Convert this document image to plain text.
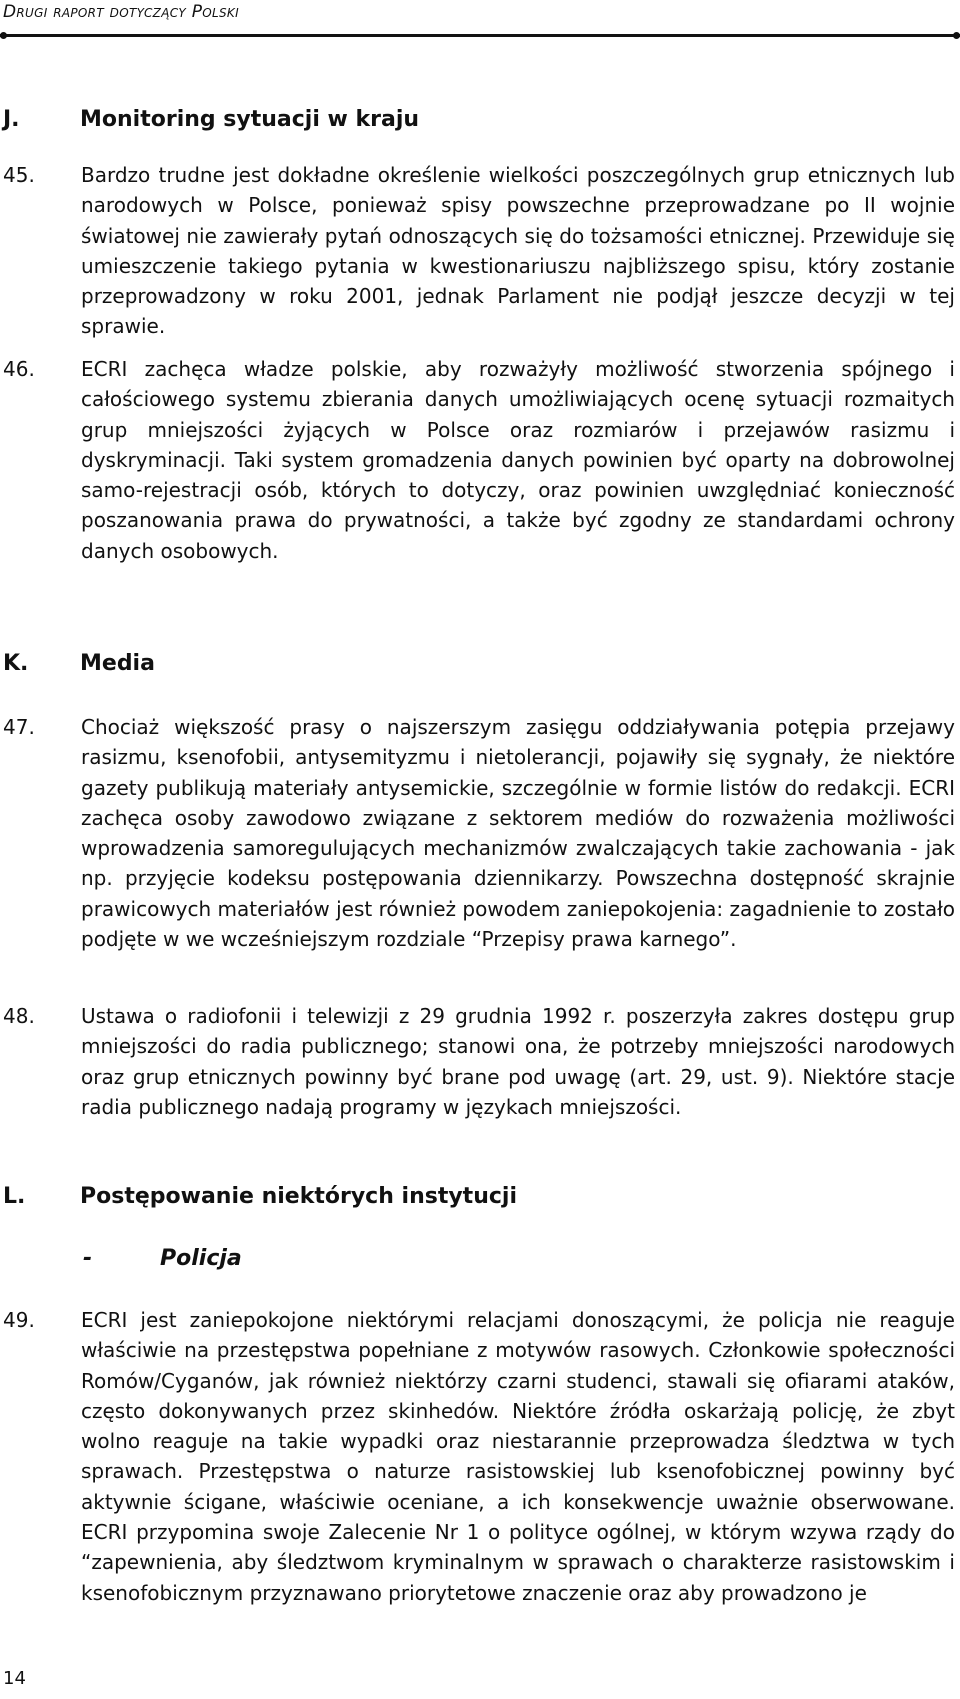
Drugi raport dotyczący Polski
J.	Monitoring sytuacji w kraju
45. Bardzo trudne jest dokładne określenie wielkości poszczególnych grup etnicznych lub narodowych w Polsce, ponieważ spisy powszechne przeprowadzane po II wojnie światowej nie zawierały pytań odnoszących się do tożsamości etnicznej. Przewiduje się umieszczenie takiego pytania w kwestionariuszu najbliższego spisu, który zostanie przeprowadzony w roku 2001, jednak Parlament nie podjął jeszcze decyzji w tej sprawie.
46. ECRI zachęca władze polskie, aby rozważyły możliwość stworzenia spójnego i całościowego systemu zbierania danych umożliwiających ocenę sytuacji rozmaitych grup mniejszości żyjących w Polsce oraz rozmiarów i przejawów rasizmu i dyskryminacji. Taki system gromadzenia danych powinien być oparty na dobrowolnej samo-rejestracji osób, których to dotyczy, oraz powinien uwzględniać konieczność poszanowania prawa do prywatności, a także być zgodny ze standardami ochrony danych osobowych.
K. Media
47. Chociaż większość prasy o najszerszym zasięgu oddziaływania potępia przejawy rasizmu, ksenofobii, antysemityzmu i nietolerancji, pojawiły się sygnały, że niektóre gazety publikują materiały antysemickie, szczególnie w formie listów do redakcji. ECRI zachęca osoby zawodowo związane z sektorem mediów do rozważenia możliwości wprowadzenia samoregulujących mechanizmów zwalczających takie zachowania - jak np. przyjęcie kodeksu postępowania dziennikarzy. Powszechna dostępność skrajnie prawicowych materiałów jest również powodem zaniepokojenia: zagadnienie to zostało podjęte w we wcześniejszym rozdziale “Przepisy prawa karnego”.
48. Ustawa o radiofonii i telewizji z 29 grudnia 1992 r. poszerzyła zakres dostępu grup mniejszości do radia publicznego; stanowi ona, że potrzeby mniejszości narodowych oraz grup etnicznych powinny być brane pod uwagę (art. 29, ust. 9). Niektóre stacje radia publicznego nadają programy w językach mniejszości.
L. Postępowanie niektórych instytucji
-	Policja
49. ECRI jest zaniepokojone niektórymi relacjami donoszącymi, że policja nie reaguje właściwie na przestępstwa popełniane z motywów rasowych. Członkowie społeczności Romów/Cyganów, jak również niektórzy czarni studenci, stawali się ofiarami ataków, często dokonywanych przez skinhedów. Niektóre źródła oskarżają policję, że zbyt wolno reaguje na takie wypadki oraz niestarannie przeprowadza śledztwa w tych sprawach. Przestępstwa o naturze rasistowskiej lub ksenofobicznej powinny być aktywnie ścigane, właściwie oceniane, a ich konsekwencje uważnie obserwowane. ECRI przypomina swoje Zalecenie Nr 1 o polityce ogólnej, w którym wzywa rządy do “zapewnienia, aby śledztwom kryminalnym w sprawach o charakterze rasistowskim i ksenofobicznym przyznawano priorytetowe znaczenie oraz aby prowadzono je
14
